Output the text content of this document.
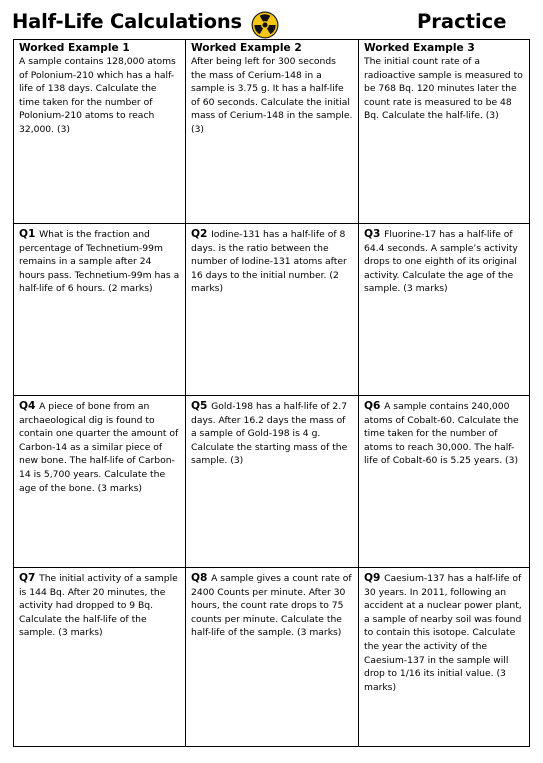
Half-Life Calculations	Practice
Worked Example 1
A sample contains 128,000 atoms of Polonium-210 which has a half-life of 138 days. Calculate the time taken for the number of Polonium-210 atoms to reach 32,000. (3)
Worked Example 2
After being left for 300 seconds the mass of Cerium-148 in a sample is 3.75 g. It has a half-life of 60 seconds. Calculate the initial mass of Cerium-148 in the sample. (3)
Worked Example 3
The initial count rate of a radioactive sample is measured to be 768 Bq. 120 minutes later the count rate is measured to be 48 Bq. Calculate the half-life. (3)
Q1 What is the fraction and percentage of Technetium-99m remains in a sample after 24 hours pass. Technetium-99m has a half-life of 6 hours. (2 marks)
Q2 Iodine-131 has a half-life of 8 days. is the ratio between the number of Iodine-131 atoms after 16 days to the initial number. (2 marks)
Q3 Fluorine-17 has a half-life of 64.4 seconds. A sample’s activity drops to one eighth of its original activity. Calculate the age of the sample. (3 marks)
Q4 A piece of bone from an archaeological dig is found to contain one quarter the amount of Carbon-14 as a similar piece of new bone. The half-life of Carbon-14 is 5,700 years. Calculate the age of the bone. (3 marks)
Q5 Gold-198 has a half-life of 2.7 days. After 16.2 days the mass of a sample of Gold-198 is 4 g. Calculate the starting mass of the sample. (3)
Q6 A sample contains 240,000 atoms of Cobalt-60. Calculate the time taken for the number of atoms to reach 30,000. The half-life of Cobalt-60 is 5.25 years. (3)
Q7 The initial activity of a sample is 144 Bq. After 20 minutes, the activity had dropped to 9 Bq. Calculate the half-life of the sample. (3 marks)
Q8 A sample gives a count rate of 2400 Counts per minute. After 30 hours, the count rate drops to 75 counts per minute. Calculate the half-life of the sample. (3 marks)
Q9 Caesium-137 has a half-life of 30 years. In 2011, following an accident at a nuclear power plant, a sample of nearby soil was found to contain this isotope. Calculate the year the activity of the Caesium-137 in the sample will drop to 1/16 its initial value. (3 marks)
